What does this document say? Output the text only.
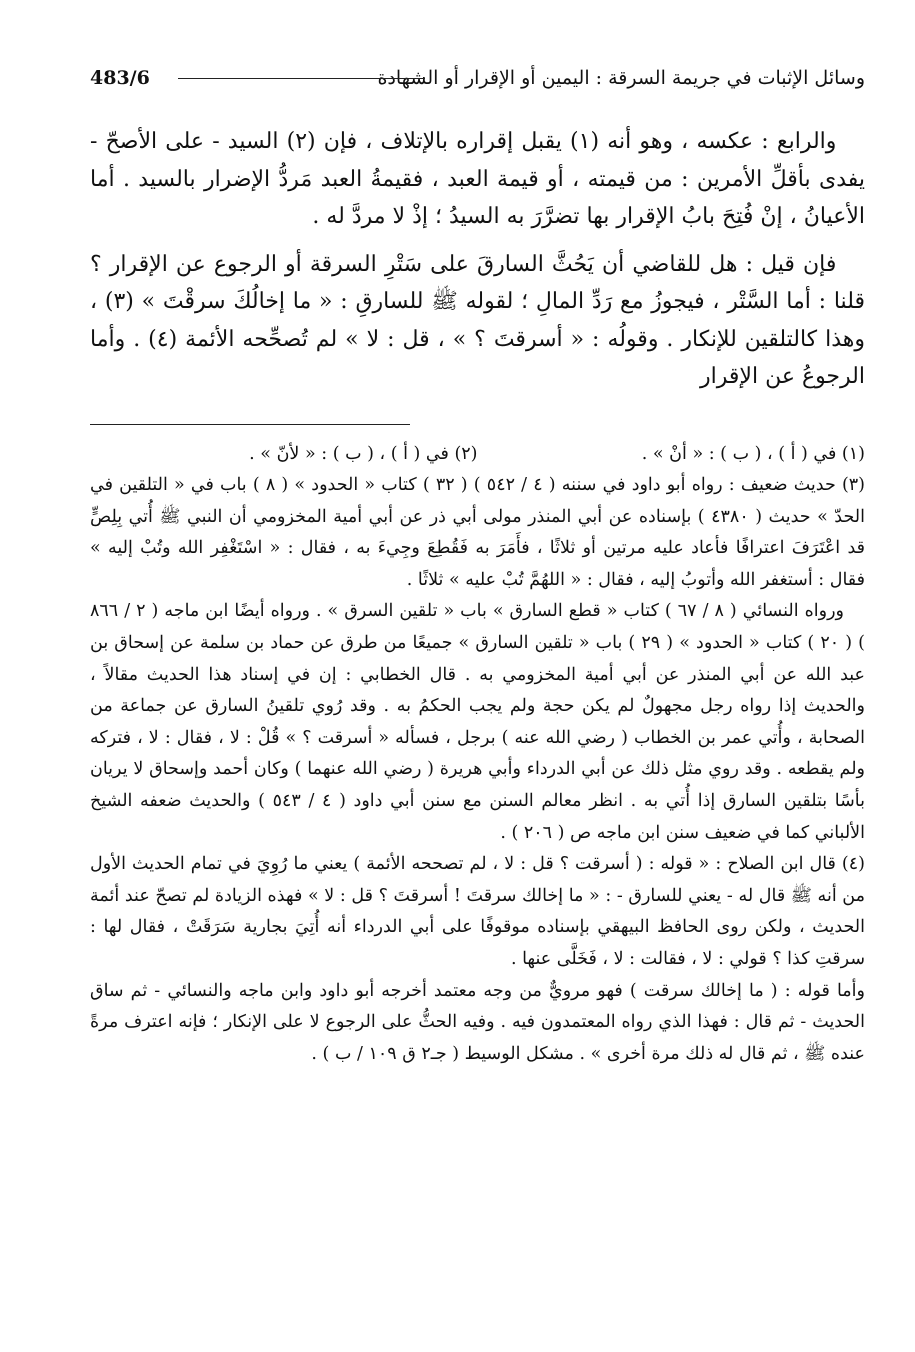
وسائل الإثبات في جريمة السرقة : اليمين أو الإقرار أو الشهادة
483/6

والرابع : عكسه ، وهو أنه (١) يقبل إقراره بالإتلاف ، فإن (٢) السيد - على الأصحّ - يفدى بأقلِّ الأمرين : من قيمته ، أو قيمة العبد ، فقيمةُ العبد مَردُّ الإضرار بالسيد . أما الأعيانُ ، إنْ فُتِحَ بابُ الإقرار بها تضرَّرَ به السيدُ ؛ إذْ لا مردَّ له .

فإن قيل : هل للقاضي أن يَحُثَّ السارقَ على سَتْرِ السرقة أو الرجوع عن الإقرار ؟ قلنا : أما السَّتْر ، فيجوزُ مع رَدِّ المالِ ؛ لقوله ﷺ للسارقِ : « ما إخالُكَ سرقْتَ » (٣) ، وهذا كالتلقين للإنكار . وقولُه : « أسرقتَ ؟ » ، قل : لا » لم تُصحِّحه الأئمة (٤) . وأما الرجوعُ عن الإقرار

(١) في ( أ ) ، ( ب ) : « أنْ » .
(٢) في ( أ ) ، ( ب ) : « لأنّ » .

(٣) حديث ضعيف : رواه أبو داود في سننه ( ٤ / ٥٤٢ ) ( ٣٢ ) كتاب « الحدود » ( ٨ ) باب في « التلقين في الحدّ » حديث ( ٤٣٨٠ ) بإسناده عن أبي المنذر مولى أبي ذر عن أبي أمية المخزومي أن النبي ﷺ أُتي بِلِصٍّ قد اعْتَرَفَ اعترافًا فأعاد عليه مرتين أو ثلاثًا ، فأَمَرَ به فَقُطِعَ وجِيءَ به ، فقال : « اسْتَغْفِر الله وتُبْ إليه » فقال : أستغفر الله وأتوبُ إليه ، فقال : « اللهُمَّ تُبْ عليه » ثلاثًا .

ورواه النسائي ( ٨ / ٦٧ ) كتاب « قطع السارق » باب « تلقين السرق » . ورواه أيضًا ابن ماجه ( ٢ / ٨٦٦ ) ( ٢٠ ) كتاب « الحدود » ( ٢٩ ) باب « تلقين السارق » جميعًا من طرق عن حماد بن سلمة عن إسحاق بن عبد الله عن أبي المنذر عن أبي أمية المخزومي به . قال الخطابي : إن في إسناد هذا الحديث مقالاً ، والحديث إذا رواه رجل مجهولٌ لم يكن حجة ولم يجب الحكمُ به . وقد رُوي تلقينُ السارق عن جماعة من الصحابة ، وأُتي عمر بن الخطاب ( رضي الله عنه ) برجل ، فسأله « أسرقت ؟ » قُلْ : لا ، فقال : لا ، فتركه ولم يقطعه . وقد روي مثل ذلك عن أبي الدرداء وأبي هريرة ( رضي الله عنهما ) وكان أحمد وإسحاق لا يريان بأسًا بتلقين السارق إذا أُتي به . انظر معالم السنن مع سنن أبي داود ( ٤ / ٥٤٣ ) والحديث ضعفه الشيخ الألباني كما في ضعيف سنن ابن ماجه ص ( ٢٠٦ ) .

(٤) قال ابن الصلاح : « قوله : ( أسرقت ؟ قل : لا ، لم تصححه الأئمة ) يعني ما رُوِيَ في تمام الحديث الأول من أنه ﷺ قال له - يعني للسارق - : « ما إخالك سرقتَ ! أسرقتَ ؟ قل : لا » فهذه الزيادة لم تصحّ عند أئمة الحديث ، ولكن روى الحافظ البيهقي بإسناده موقوفًا على أبي الدرداء أنه أُتِيَ بجارية سَرَقَتْ ، فقال لها : سرقتِ كذا ؟ قولي : لا ، فقالت : لا ، فَخَلَّى عنها .

وأما قوله : ( ما إخالك سرقت ) فهو مرويٌّ من وجه معتمد أخرجه أبو داود وابن ماجه والنسائي - ثم ساق الحديث - ثم قال : فهذا الذي رواه المعتمدون فيه . وفيه الحثُّ على الرجوع لا على الإنكار ؛ فإنه اعترف مرةً عنده ﷺ ، ثم قال له ذلك مرة أخرى » . مشكل الوسيط ( جـ٢ ق ١٠٩ / ب ) .
